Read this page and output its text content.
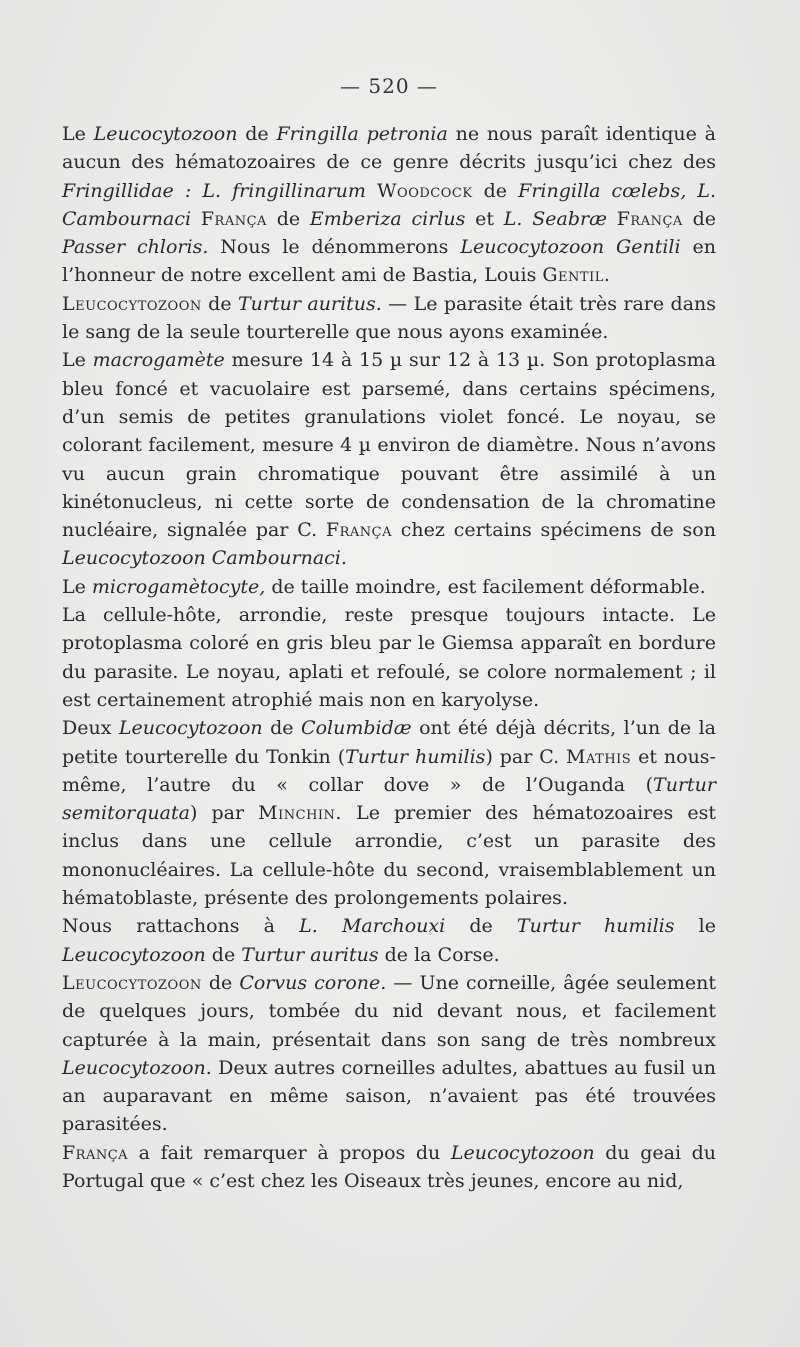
— 520 —

Le Leucocytozoon de Fringilla petronia ne nous paraît identique à aucun des hématozoaires de ce genre décrits jusqu’ici chez des Fringillidae : L. fringillinarum Woodcock de Fringilla cœlebs, L. Cambournaci França de Emberiza cirlus et L. Seabræ França de Passer chloris. Nous le dénommerons Leucocytozoon Gentili en l’honneur de notre excellent ami de Bastia, Louis Gentil.

Leucocytozoon de Turtur auritus. — Le parasite était très rare dans le sang de la seule tourterelle que nous ayons examinée.

Le macrogamète mesure 14 à 15 µ sur 12 à 13 µ. Son protoplasma bleu foncé et vacuolaire est parsemé, dans certains spécimens, d’un semis de petites granulations violet foncé. Le noyau, se colorant facilement, mesure 4 µ environ de diamètre. Nous n’avons vu aucun grain chromatique pouvant être assimilé à un kinétonucleus, ni cette sorte de condensation de la chromatine nucléaire, signalée par C. França chez certains spécimens de son Leucocytozoon Cambournaci.

Le microgamètocyte, de taille moindre, est facilement déformable.

La cellule-hôte, arrondie, reste presque toujours intacte. Le protoplasma coloré en gris bleu par le Giemsa apparaît en bordure du parasite. Le noyau, aplati et refoulé, se colore normalement ; il est certainement atrophié mais non en karyolyse.

Deux Leucocytozoon de Columbidæ ont été déjà décrits, l’un de la petite tourterelle du Tonkin (Turtur humilis) par C. Mathis et nous-même, l’autre du « collar dove » de l’Ouganda (Turtur semitorquata) par Minchin. Le premier des hématozoaires est inclus dans une cellule arrondie, c’est un parasite des mononucléaires. La cellule-hôte du second, vraisemblablement un hématoblaste, présente des prolongements polaires.

Nous rattachons à L. Marchouxi de Turtur humilis le Leucocytozoon de Turtur auritus de la Corse.

Leucocytozoon de Corvus corone. — Une corneille, âgée seulement de quelques jours, tombée du nid devant nous, et facilement capturée à la main, présentait dans son sang de très nombreux Leucocytozoon. Deux autres corneilles adultes, abattues au fusil un an auparavant en même saison, n’avaient pas été trouvées parasitées.

França a fait remarquer à propos du Leucocytozoon du geai du Portugal que « c’est chez les Oiseaux très jeunes, encore au nid,
